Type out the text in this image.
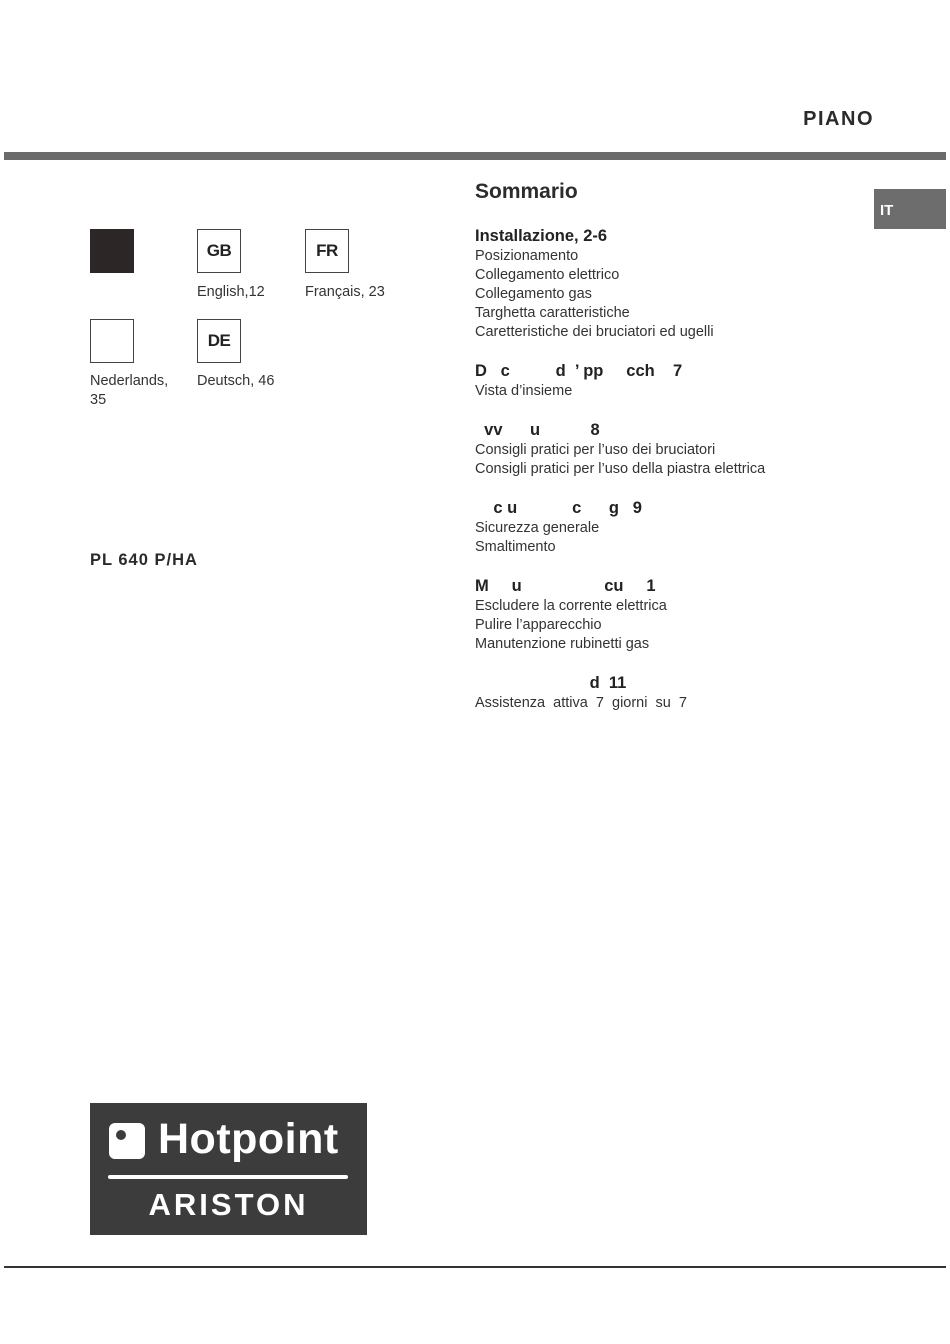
PIANO
GB
English,12
FR
Français, 23
Nederlands,
35
DE
Deutsch, 46
PL 640 P/HA
Sommario
Installazione, 2-6
Posizionamento
Collegamento elettrico
Collegamento gas
Targhetta caratteristiche
Caretteristiche dei bruciatori ed ugelli
D   c          d  ’ pp     cch    7
Vista d’insieme
vv      u           8
Consigli pratici per l’uso dei bruciatori
Consigli pratici per l’uso della piastra elettrica
c u            c      g   9
Sicurezza generale
Smaltimento
M     u                  cu     1
Escludere la corrente elettrica
Pulire l’apparecchio
Manutenzione rubinetti gas
d  11
Assistenza  attiva  7  giorni  su  7
IT
Hotpoint
ARISTON
